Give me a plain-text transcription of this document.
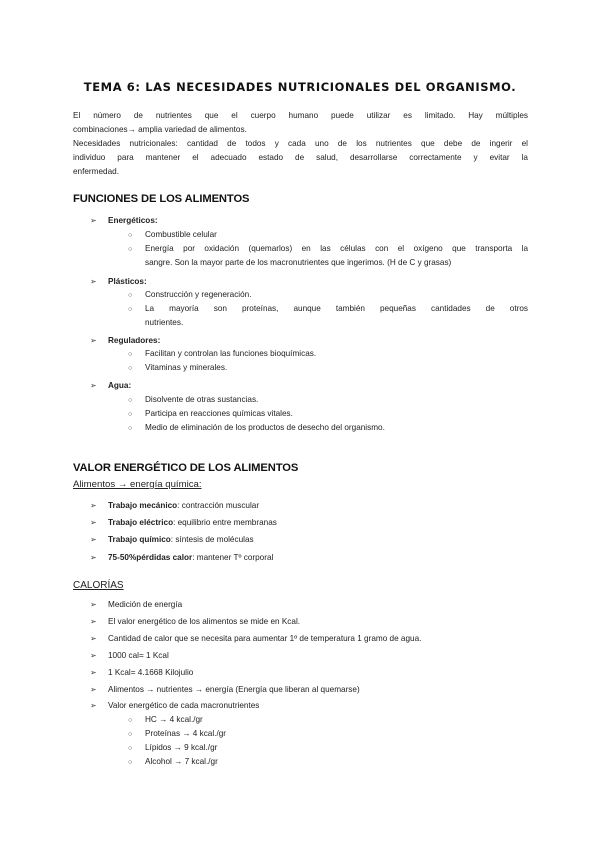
TEMA 6: LAS NECESIDADES NUTRICIONALES DEL ORGANISMO.
El número de nutrientes que el cuerpo humano puede utilizar es limitado. Hay múltiples
combinaciones→ amplia variedad de alimentos.
Necesidades nutricionales: cantidad de todos y cada uno de los nutrientes que debe de ingerir el
individuo para mantener el adecuado estado de salud, desarrollarse correctamente y evitar la
enfermedad.
FUNCIONES DE LOS ALIMENTOS
➢ Energéticos:
○ Combustible celular
○	Energía por oxidación (quemarlos) en las células con el oxígeno que transporta la
sangre. Son la mayor parte de los macronutrientes que ingerimos. (H de C y grasas)
➢ Plásticos:
○ Construcción y regeneración.
○	La mayoría son proteínas, aunque también pequeñas cantidades de otros
nutrientes.
➢ Reguladores:
○ Facilitan y controlan las funciones bioquímicas.
○ Vitaminas y minerales.
➢ Agua:
○ Disolvente de otras sustancias.
○ Participa en reacciones químicas vitales.
○ Medio de eliminación de los productos de desecho del organismo.
VALOR ENERGÉTICO DE LOS ALIMENTOS
Alimentos → energía química:
➢ Trabajo mecánico: contracción muscular
➢ Trabajo eléctrico: equilibrio entre membranas
➢ Trabajo químico: síntesis de moléculas
➢ 75-50%pérdidas calor: mantener Tº corporal
CALORÍAS
➢ Medición de energía
➢ El valor energético de los alimentos se mide en Kcal.
➢ Cantidad de calor que se necesita para aumentar 1º de temperatura 1 gramo de agua.
➢ 1000 cal= 1 Kcal
➢ 1 Kcal= 4.1668 Kilojulio
➢ Alimentos → nutrientes → energía (Energía que liberan al quemarse)
➢ Valor energético de cada macronutrientes
○ HC → 4 kcal./gr
○ Proteínas → 4 kcal./gr
○ Lípidos → 9 kcal./gr
○ Alcohol → 7 kcal./gr
